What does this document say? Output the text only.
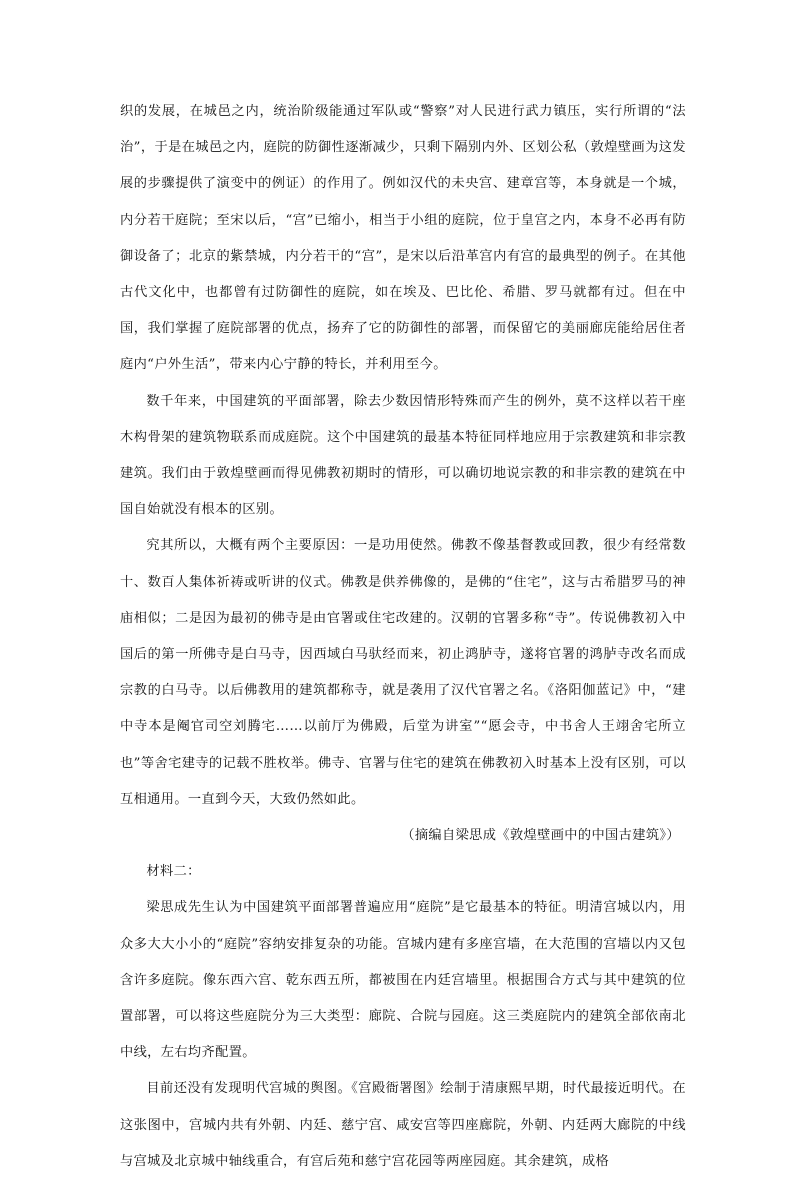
织的发展，在城邑之内，统治阶级能通过军队或“警察”对人民进行武力镇压，实行所谓的“法治”，于是在城邑之内，庭院的防御性逐渐减少，只剩下隔别内外、区划公私（敦煌壁画为这发展的步骤提供了演变中的例证）的作用了。例如汉代的未央宫、建章宫等，本身就是一个城，内分若干庭院；至宋以后，“宫”已缩小，相当于小组的庭院，位于皇宫之内，本身不必再有防御设备了；北京的紫禁城，内分若干的“宫”，是宋以后沿革宫内有宫的最典型的例子。在其他古代文化中，也都曾有过防御性的庭院，如在埃及、巴比伦、希腊、罗马就都有过。但在中国，我们掌握了庭院部署的优点，扬弃了它的防御性的部署，而保留它的美丽廊庑能给居住者庭内“户外生活”，带来内心宁静的特长，并利用至今。

数千年来，中国建筑的平面部署，除去少数因情形特殊而产生的例外，莫不这样以若干座木构骨架的建筑物联系而成庭院。这个中国建筑的最基本特征同样地应用于宗教建筑和非宗教建筑。我们由于敦煌壁画而得见佛教初期时的情形，可以确切地说宗教的和非宗教的建筑在中国自始就没有根本的区别。

究其所以，大概有两个主要原因：一是功用使然。佛教不像基督教或回教，很少有经常数十、数百人集体祈祷或听讲的仪式。佛教是供养佛像的，是佛的“住宅”，这与古希腊罗马的神庙相似；二是因为最初的佛寺是由官署或住宅改建的。汉朝的官署多称“寺”。传说佛教初入中国后的第一所佛寺是白马寺，因西域白马驮经而来，初止鸿胪寺，遂将官署的鸿胪寺改名而成宗教的白马寺。以后佛教用的建筑都称寺，就是袭用了汉代官署之名。《洛阳伽蓝记》中，“建中寺本是阉官司空刘腾宅……以前厅为佛殿，后堂为讲室”“愿会寺，中书舍人王翊舍宅所立也”等舍宅建寺的记载不胜枚举。佛寺、官署与住宅的建筑在佛教初入时基本上没有区别，可以互相通用。一直到今天，大致仍然如此。

（摘编自梁思成《敦煌壁画中的中国古建筑》）

材料二：

梁思成先生认为中国建筑平面部署普遍应用“庭院”是它最基本的特征。明清宫城以内，用众多大大小小的“庭院”容纳安排复杂的功能。宫城内建有多座宫墙，在大范围的宫墙以内又包含许多庭院。像东西六宫、乾东西五所，都被围在内廷宫墙里。根据围合方式与其中建筑的位置部署，可以将这些庭院分为三大类型：廊院、合院与园庭。这三类庭院内的建筑全部依南北中线，左右均齐配置。

目前还没有发现明代宫城的舆图。《宫殿衙署图》绘制于清康熙早期，时代最接近明代。在这张图中，宫城内共有外朝、内廷、慈宁宫、咸安宫等四座廊院，外朝、内廷两大廊院的中线与宫城及北京城中轴线重合，有宫后苑和慈宁宫花园等两座园庭。其余建筑，成格
